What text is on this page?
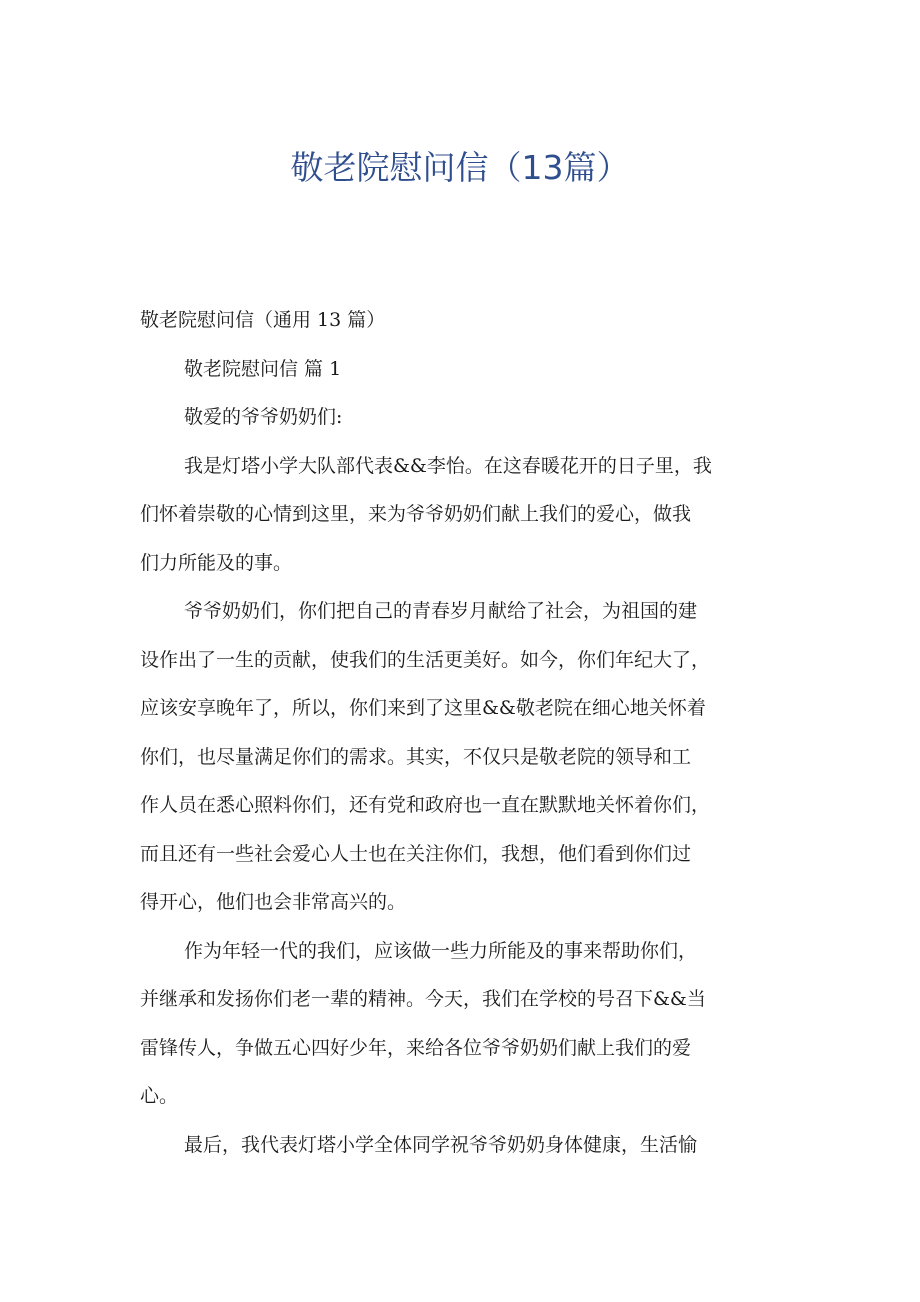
敬老院慰问信（13篇）
敬老院慰问信（通用 13 篇）
敬老院慰问信 篇 1
敬爱的爷爷奶奶们:
我是灯塔小学大队部代表&&李怡。在这春暖花开的日子里，我
们怀着崇敬的心情到这里，来为爷爷奶奶们献上我们的爱心，做我
们力所能及的事。
爷爷奶奶们，你们把自己的青春岁月献给了社会，为祖国的建
设作出了一生的贡献，使我们的生活更美好。如今，你们年纪大了，
应该安享晚年了，所以，你们来到了这里&&敬老院在细心地关怀着
你们，也尽量满足你们的需求。其实，不仅只是敬老院的领导和工
作人员在悉心照料你们，还有党和政府也一直在默默地关怀着你们，
而且还有一些社会爱心人士也在关注你们，我想，他们看到你们过
得开心，他们也会非常高兴的。
作为年轻一代的我们，应该做一些力所能及的事来帮助你们，
并继承和发扬你们老一辈的精神。今天，我们在学校的号召下&&当
雷锋传人，争做五心四好少年，来给各位爷爷奶奶们献上我们的爱
心。
最后，我代表灯塔小学全体同学祝爷爷奶奶身体健康，生活愉
